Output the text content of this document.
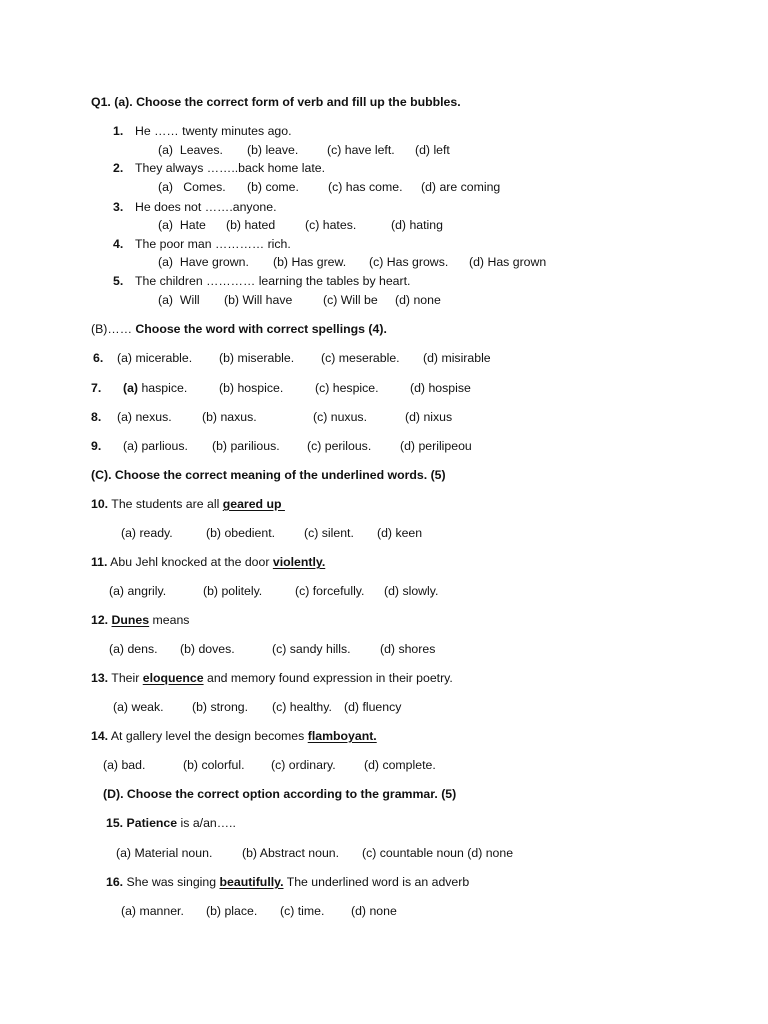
Q1. (a). Choose the correct form of verb and fill up the bubbles.
1. He …… twenty minutes ago.
(a)  Leaves. (b) leave. (c) have left. (d) left
2. They always ……..back home late.
(a)   Comes. (b) come. (c) has come. (d) are coming
3. He does not …….anyone.
(a)  Hate (b) hated (c) hates.	(d) hating
4. The poor man ………… rich.
(a)  Have grown. (b) Has grew. (c) Has grows. (d) Has grown
5. The children ………… learning the tables by heart.
(a)  Will (b) Will have (c) Will be (d) none
(B)…… Choose the word with correct spellings (4).
6. (a) micerable. (b) miserable. (c) meserable. (d) misirable
7. (a) haspice.	(b) hospice.	(c) hespice.	(d) hospise
8. (a) nexus. (b) naxus.	(c) nuxus.	(d) nixus
9. (a) parlious. (b) parilious. (c) perilous. (d) perilipeou
(C). Choose the correct meaning of the underlined words. (5)
10. The students are all geared up
(a) ready.	(b) obedient. (c) silent. (d) keen
11. Abu Jehl knocked at the door violently.
(a) angrily.	(b) politely.	(c) forcefully. (d) slowly.
12. Dunes means
(a) dens. (b) doves.	(c) sandy hills. (d) shores
13. Their eloquence and memory found expression in their poetry.
(a) weak. (b) strong. (c) healthy. (d) fluency
14. At gallery level the design becomes flamboyant.
(a) bad.	(b) colorful. (c) ordinary. (d) complete.
(D). Choose the correct option according to the grammar. (5)
15. Patience is a/an…..
(a) Material noun. (b) Abstract noun. (c) countable noun (d) none
16. She was singing beautifully. The underlined word is an adverb
(a) manner. (b) place. (c) time. (d) none
